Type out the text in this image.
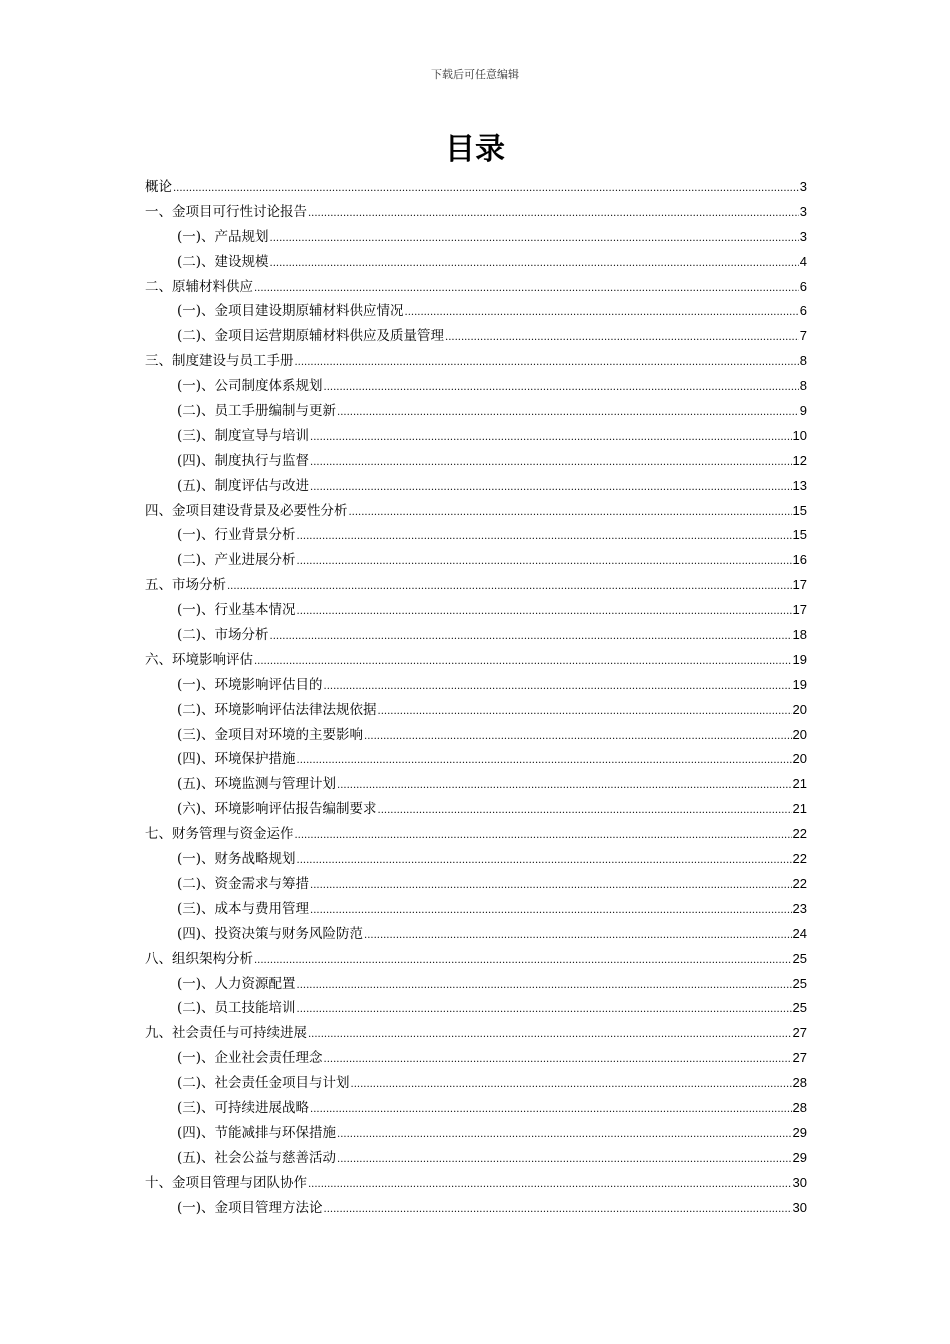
下载后可任意编辑
目录
概论 .....	3
一、金项目可行性讨论报告 .....	3
(一)、产品规划 .....	3
(二)、建设规模 .....	4
二、原辅材料供应 .....	6
(一)、金项目建设期原辅材料供应情况 .....	6
(二)、金项目运营期原辅材料供应及质量管理 .....	7
三、制度建设与员工手册 .....	8
(一)、公司制度体系规划 .....	8
(二)、员工手册编制与更新 .....	9
(三)、制度宣导与培训 .....	10
(四)、制度执行与监督 .....	12
(五)、制度评估与改进 .....	13
四、金项目建设背景及必要性分析 .....	15
(一)、行业背景分析 .....	15
(二)、产业进展分析 .....	16
五、市场分析 .....	17
(一)、行业基本情况 .....	17
(二)、市场分析 .....	18
六、环境影响评估 .....	19
(一)、环境影响评估目的 .....	19
(二)、环境影响评估法律法规依据 .....	20
(三)、金项目对环境的主要影响 .....	20
(四)、环境保护措施 .....	20
(五)、环境监测与管理计划 .....	21
(六)、环境影响评估报告编制要求 .....	21
七、财务管理与资金运作 .....	22
(一)、财务战略规划 .....	22
(二)、资金需求与筹措 .....	22
(三)、成本与费用管理 .....	23
(四)、投资决策与财务风险防范 .....	24
八、组织架构分析 .....	25
(一)、人力资源配置 .....	25
(二)、员工技能培训 .....	25
九、社会责任与可持续进展 .....	27
(一)、企业社会责任理念 .....	27
(二)、社会责任金项目与计划 .....	28
(三)、可持续进展战略 .....	28
(四)、节能减排与环保措施 .....	29
(五)、社会公益与慈善活动 .....	29
十、金项目管理与团队协作 .....	30
(一)、金项目管理方法论 .....	30
